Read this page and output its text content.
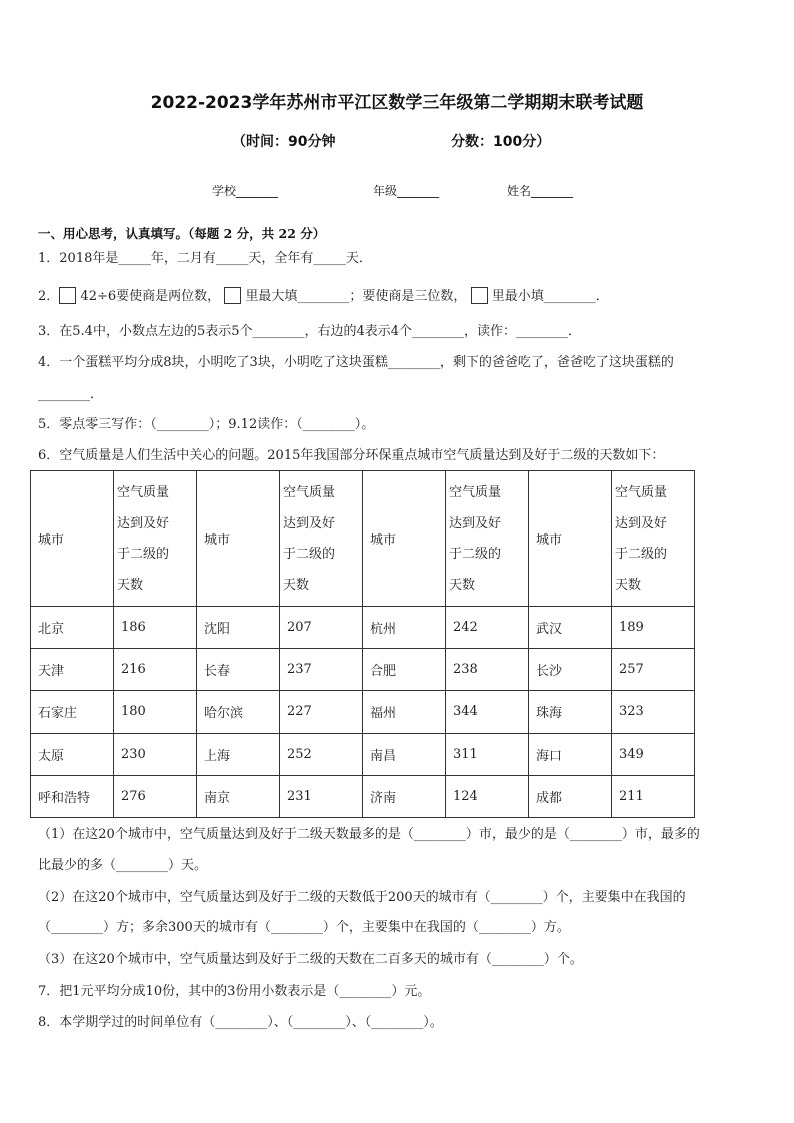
2022-2023学年苏州市平江区数学三年级第二学期期末联考试题
（时间：90分钟	分数：100分）
学校_______	年级_______	姓名_______
一、用心思考，认真填写。（每题 2 分，共 22 分）
1．2018年是_____年，二月有_____天，全年有_____天．
2． 42÷6要使商是两位数， 里最大填________；要使商是三位数， 里最小填________．
3．在5.4中，小数点左边的5表示5个________，右边的4表示4个________，读作：________．
4．一个蛋糕平均分成8块，小明吃了3块，小明吃了这块蛋糕________，剩下的爸爸吃了，爸爸吃了这块蛋糕的
________．
5．零点零三写作：（________）；9.12读作：（________）。
6．空气质量是人们生活中关心的问题。2015年我国部分环保重点城市空气质量达到及好于二级的天数如下：
城市	空气质量
达到及好
于二级的
天数	城市	空气质量
达到及好
于二级的
天数	城市	空气质量
达到及好
于二级的
天数	城市	空气质量
达到及好
于二级的
天数
北京	186	沈阳	207	杭州	242	武汉	189
天津	216	长春	237	合肥	238	长沙	257
石家庄	180	哈尔滨	227	福州	344	珠海	323
太原	230	上海	252	南昌	311	海口	349
呼和浩特	276	南京	231	济南	124	成都	211
（1）在这20个城市中，空气质量达到及好于二级天数最多的是（________）市，最少的是（________）市，最多的
比最少的多（________）天。
（2）在这20个城市中，空气质量达到及好于二级的天数低于200天的城市有（________）个，主要集中在我国的
（________）方；多余300天的城市有（________）个，主要集中在我国的（________）方。
（3）在这20个城市中，空气质量达到及好于二级的天数在二百多天的城市有（________）个。
7．把1元平均分成10份，其中的3份用小数表示是（________）元。
8．本学期学过的时间单位有（________）、（________）、（________）。
